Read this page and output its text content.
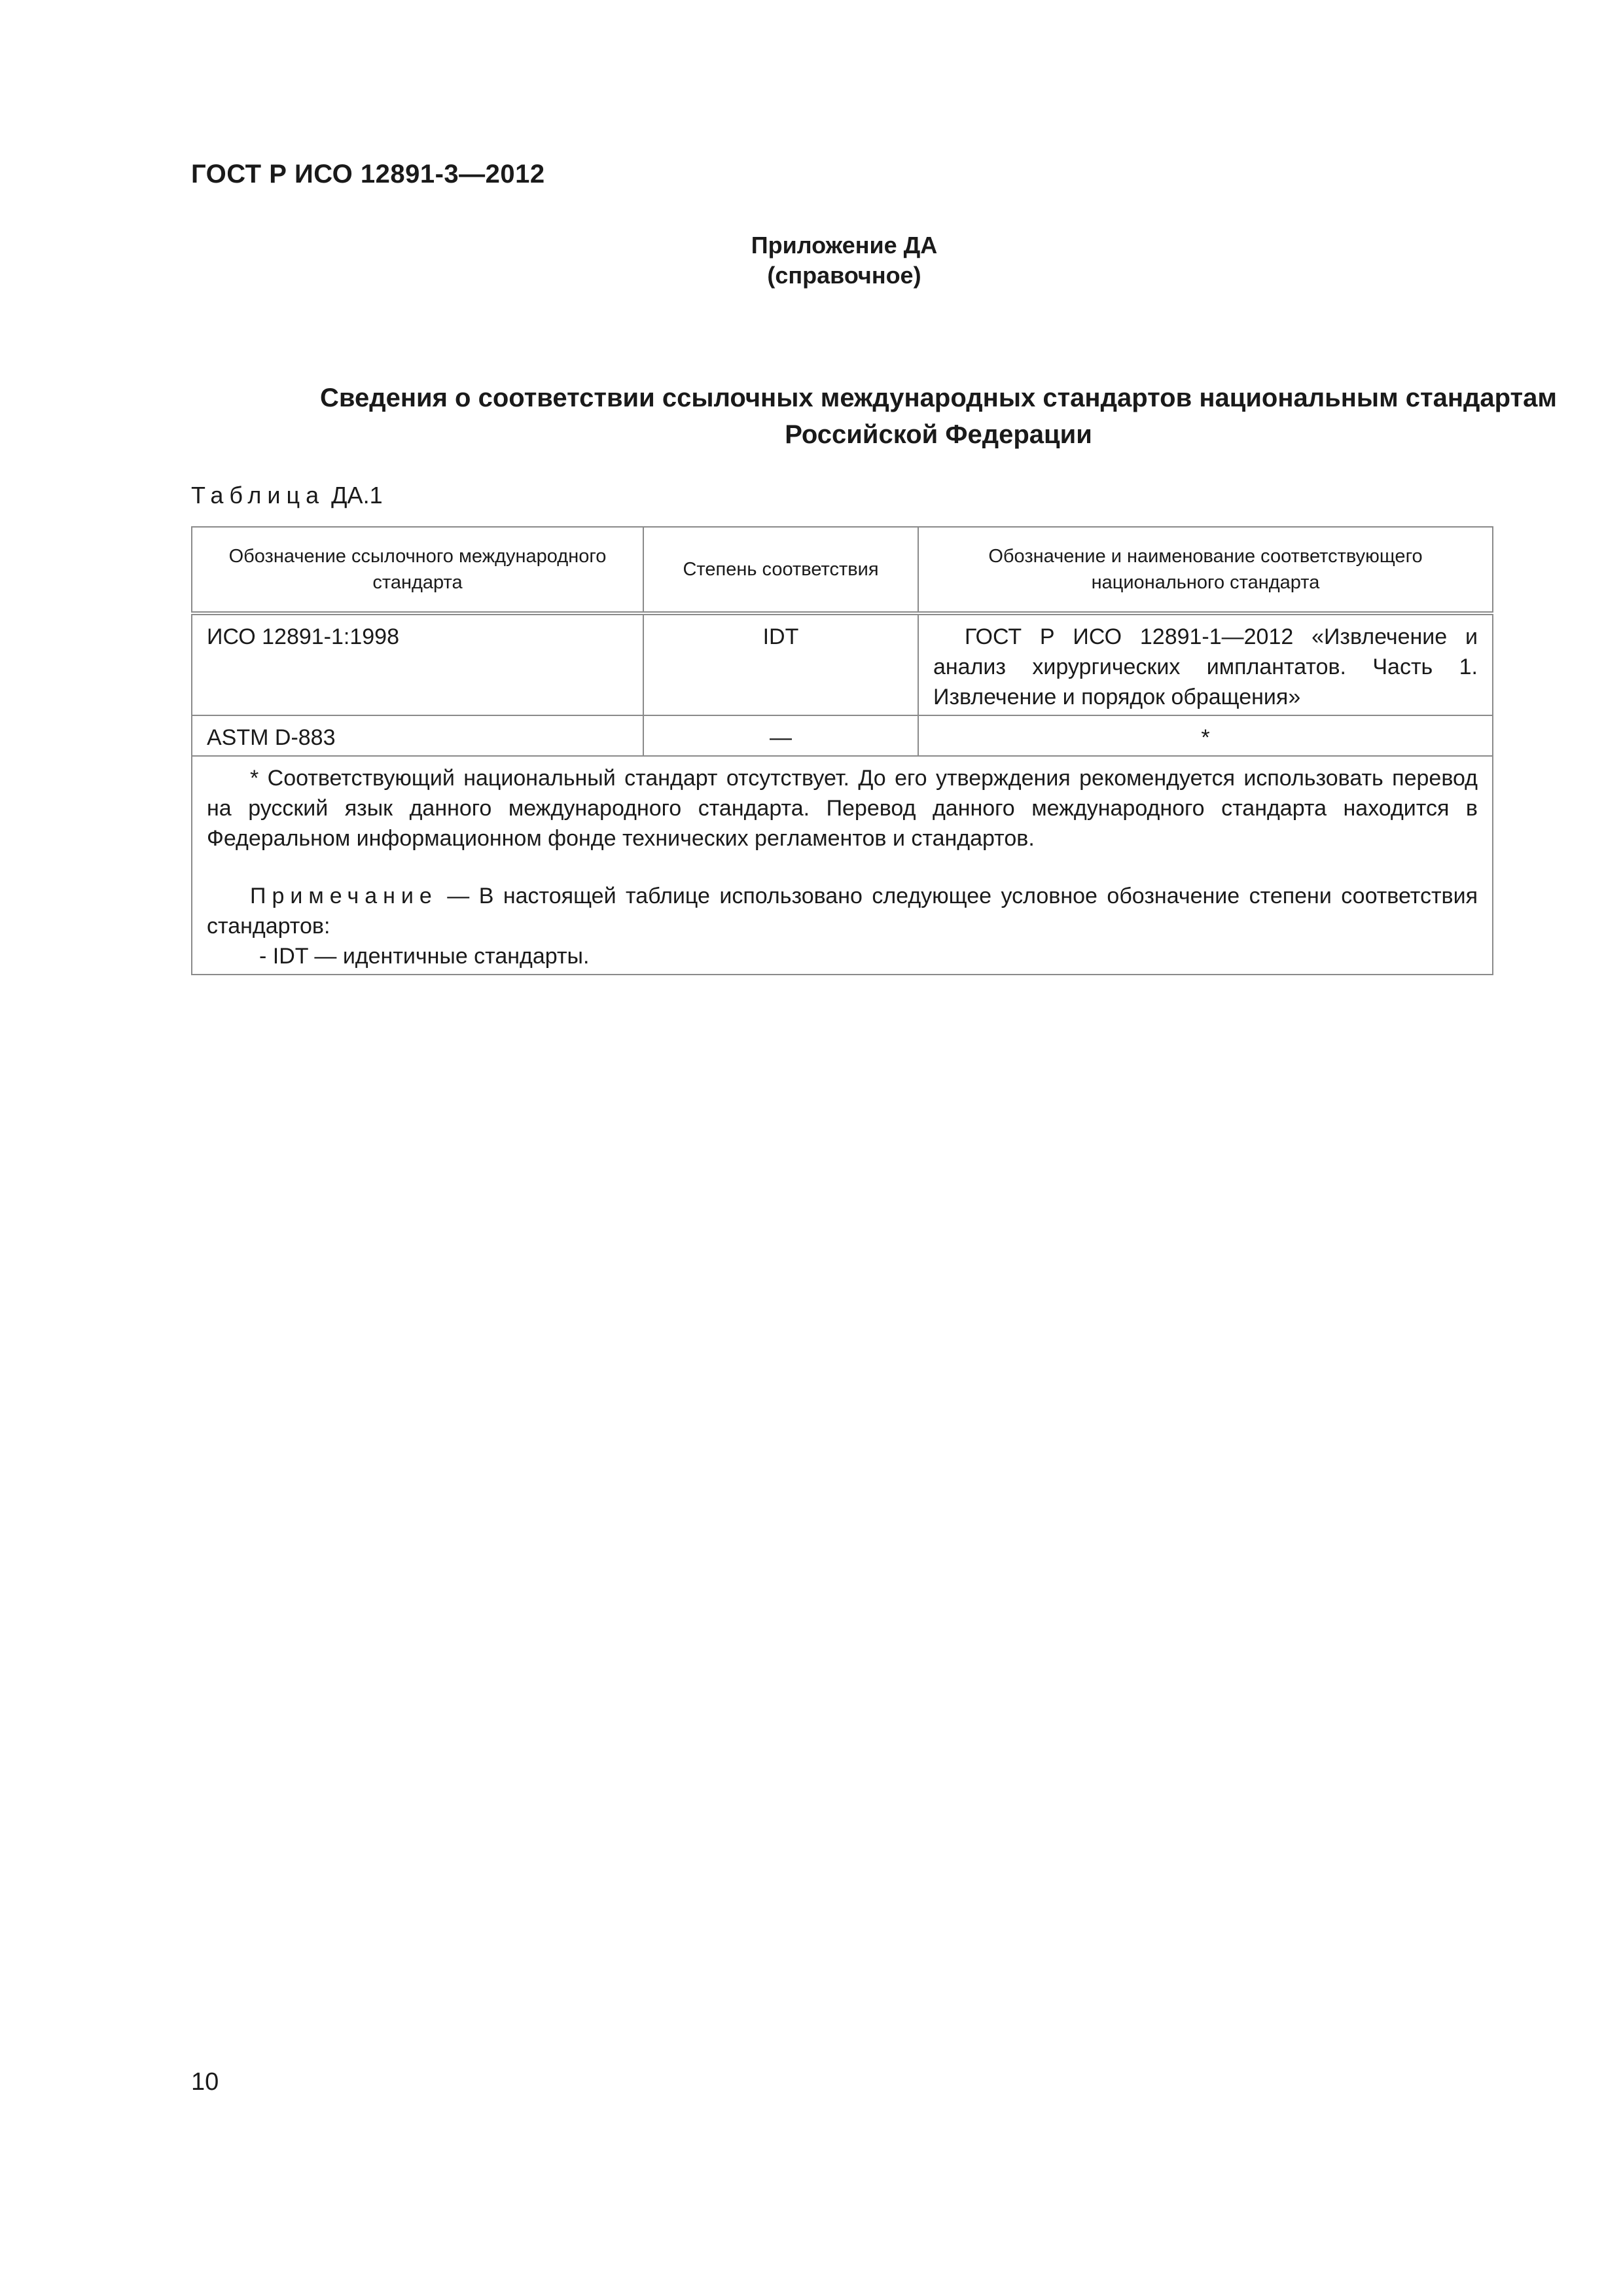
ГОСТ Р ИСО 12891-3—2012
Приложение ДА
(справочное)
Сведения о соответствии ссылочных международных стандартов национальным стандартам
Российской Федерации
Таблица ДА.1
Обозначение ссылочного международного стандарта	Степень соответствия	Обозначение и наименование соответствующего национального стандарта
ИСО 12891-1:1998	IDT	ГОСТ Р ИСО 12891-1—2012 «Извлечение и анализ хирургических имплантатов. Часть 1. Извлечение и порядок обращения»
ASTM D-883	—	*

* Соответствующий национальный стандарт отсутствует. До его утверждения рекомендуется использовать перевод на русский язык данного международного стандарта. Перевод данного международного стандарта находится в Федеральном информационном фонде технических регламентов и стандартов.
Примечание — В настоящей таблице использовано следующее условное обозначение степени соответствия стандартов:
- IDT — идентичные стандарты.		
10
